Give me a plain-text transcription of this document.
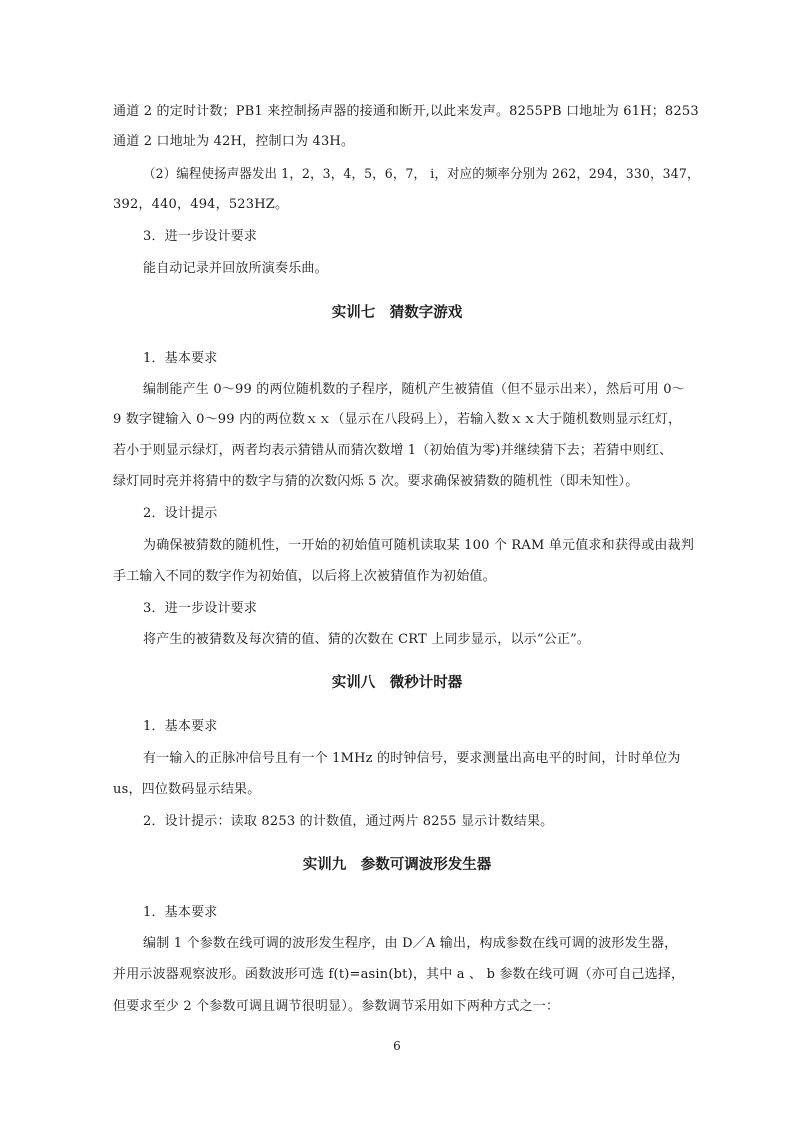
通道 2 的定时计数；PB1 来控制扬声器的接通和断开,以此来发声。8255PB 口地址为 61H；8253
通道 2 口地址为 42H，控制口为 43H。
（2）编程使扬声器发出 1，2，3，4，5，6，7， i，对应的频率分别为 262，294，330，347，
392，440，494，523HZ。
3．进一步设计要求
能自动记录并回放所演奏乐曲。
实训七　猜数字游戏
1．基本要求
编制能产生 0～99 的两位随机数的子程序，随机产生被猜值（但不显示出来），然后可用 0～
9 数字键输入 0～99 内的两位数ｘｘ（显示在八段码上），若输入数ｘｘ大于随机数则显示红灯，
若小于则显示绿灯，两者均表示猜错从而猜次数增 1（初始值为零)并继续猜下去；若猜中则红、
绿灯同时亮并将猜中的数字与猜的次数闪烁 5 次。要求确保被猜数的随机性（即未知性）。
2．设计提示
为确保被猜数的随机性，一开始的初始值可随机读取某 100 个 RAM 单元值求和获得或由裁判
手工输入不同的数字作为初始值，以后将上次被猜值作为初始值。
3．进一步设计要求
将产生的被猜数及每次猜的值、猜的次数在 CRT 上同步显示，以示“公正”。
实训八　微秒计时器
1．基本要求
有一输入的正脉冲信号且有一个 1MHz 的时钟信号，要求测量出高电平的时间，计时单位为
us，四位数码显示结果。
2．设计提示：读取 8253 的计数值，通过两片 8255 显示计数结果。
实训九　参数可调波形发生器
1．基本要求
编制 1 个参数在线可调的波形发生程序，由 D／A 输出，构成参数在线可调的波形发生器，
并用示波器观察波形。函数波形可选 f(t)=asin(bt)，其中 a 、 b 参数在线可调（亦可自己选择，
但要求至少 2 个参数可调且调节很明显）。参数调节采用如下两种方式之一：
6
